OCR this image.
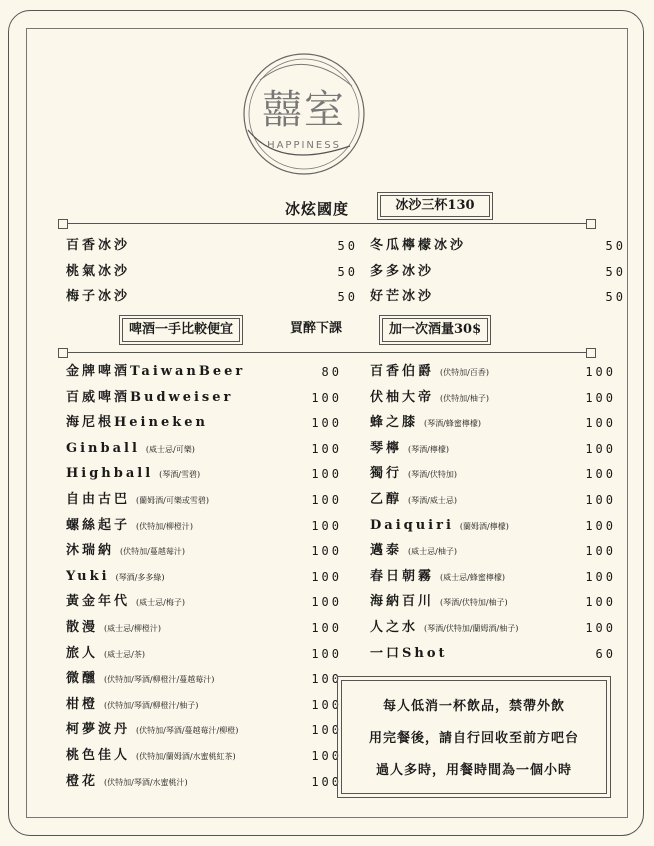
囍室
HAPPINESS
冰炫國度	冰沙三杯130
百香冰沙	50
桃氣冰沙	50
梅子冰沙	50
冬瓜檸檬冰沙	50
多多冰沙	50
好芒冰沙	50
啤酒一手比較便宜	買醉下課	加一次酒量30$
金牌啤酒TaiwanBeer	80
百威啤酒Budweiser	100
海尼根Heineken	100
Ginball (威士忌/可樂)	100
Highball (琴酒/雪碧)	100
自由古巴 (蘭姆酒/可樂或雪碧)	100
螺絲起子 (伏特加/柳橙汁)	100
沐瑞納 (伏特加/蔓越莓汁)	100
Yuki (琴酒/多多綠)	100
黃金年代 (威士忌/梅子)	100
散漫 (威士忌/柳橙汁)	100
旅人 (威士忌/茶)	100
微醺 (伏特加/琴酒/柳橙汁/蔓越莓汁)	100
柑橙 (伏特加/琴酒/柳橙汁/柚子)	100
柯夢波丹 (伏特加/琴酒/蔓越莓汁/柳橙)	100
桃色佳人 (伏特加/蘭姆酒/水蜜桃紅茶)	100
橙花 (伏特加/琴酒/水蜜桃汁)	100
百香伯爵 (伏特加/百香)	100
伏柚大帝 (伏特加/柚子)	100
蜂之膝 (琴酒/蜂蜜檸檬)	100
琴檸 (琴酒/檸檬)	100
獨行 (琴酒/伏特加)	100
乙醇 (琴酒/威士忌)	100
Daiquiri (蘭姆酒/檸檬)	100
邁泰 (威士忌/柚子)	100
春日朝霧 (威士忌/蜂蜜檸檬)	100
海納百川 (琴酒/伏特加/柚子)	100
人之水 (琴酒/伏特加/蘭姆酒/柚子)	100
一口Shot	60
每人低消一杯飲品，禁帶外飲
用完餐後，請自行回收至前方吧台
過人多時，用餐時間為一個小時
